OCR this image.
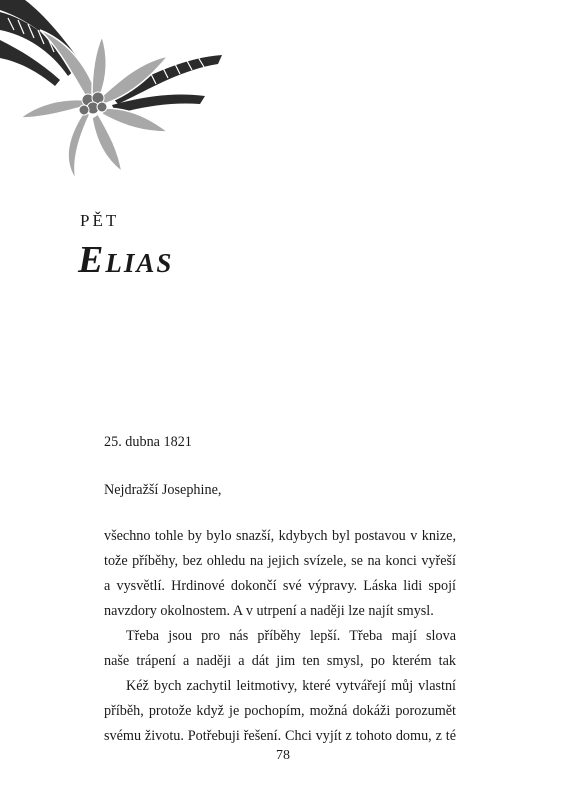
PĚT
Elias

25. dubna 1821

Nejdražší Josephine,

všechno tohle by bylo snazší, kdybych byl postavou v knize,

tože příběhy, bez ohledu na jejich svízele, se na konci vyřeší

a vysvětlí. Hrdinové dokončí své výpravy. Láska lidi spojí

navzdory okolnostem. A v utrpení a naději lze najít smysl.

Třeba jsou pro nás příběhy lepší. Třeba mají slova

naše trápení a naději a dát jim ten smysl, po kterém tak

Kéž bych zachytil leitmotivy, které vytvářejí můj vlastní

příběh, protože když je pochopím, možná dokáži porozumět

svému životu. Potřebuji řešení. Chci vyjít z tohoto domu, z té

78
